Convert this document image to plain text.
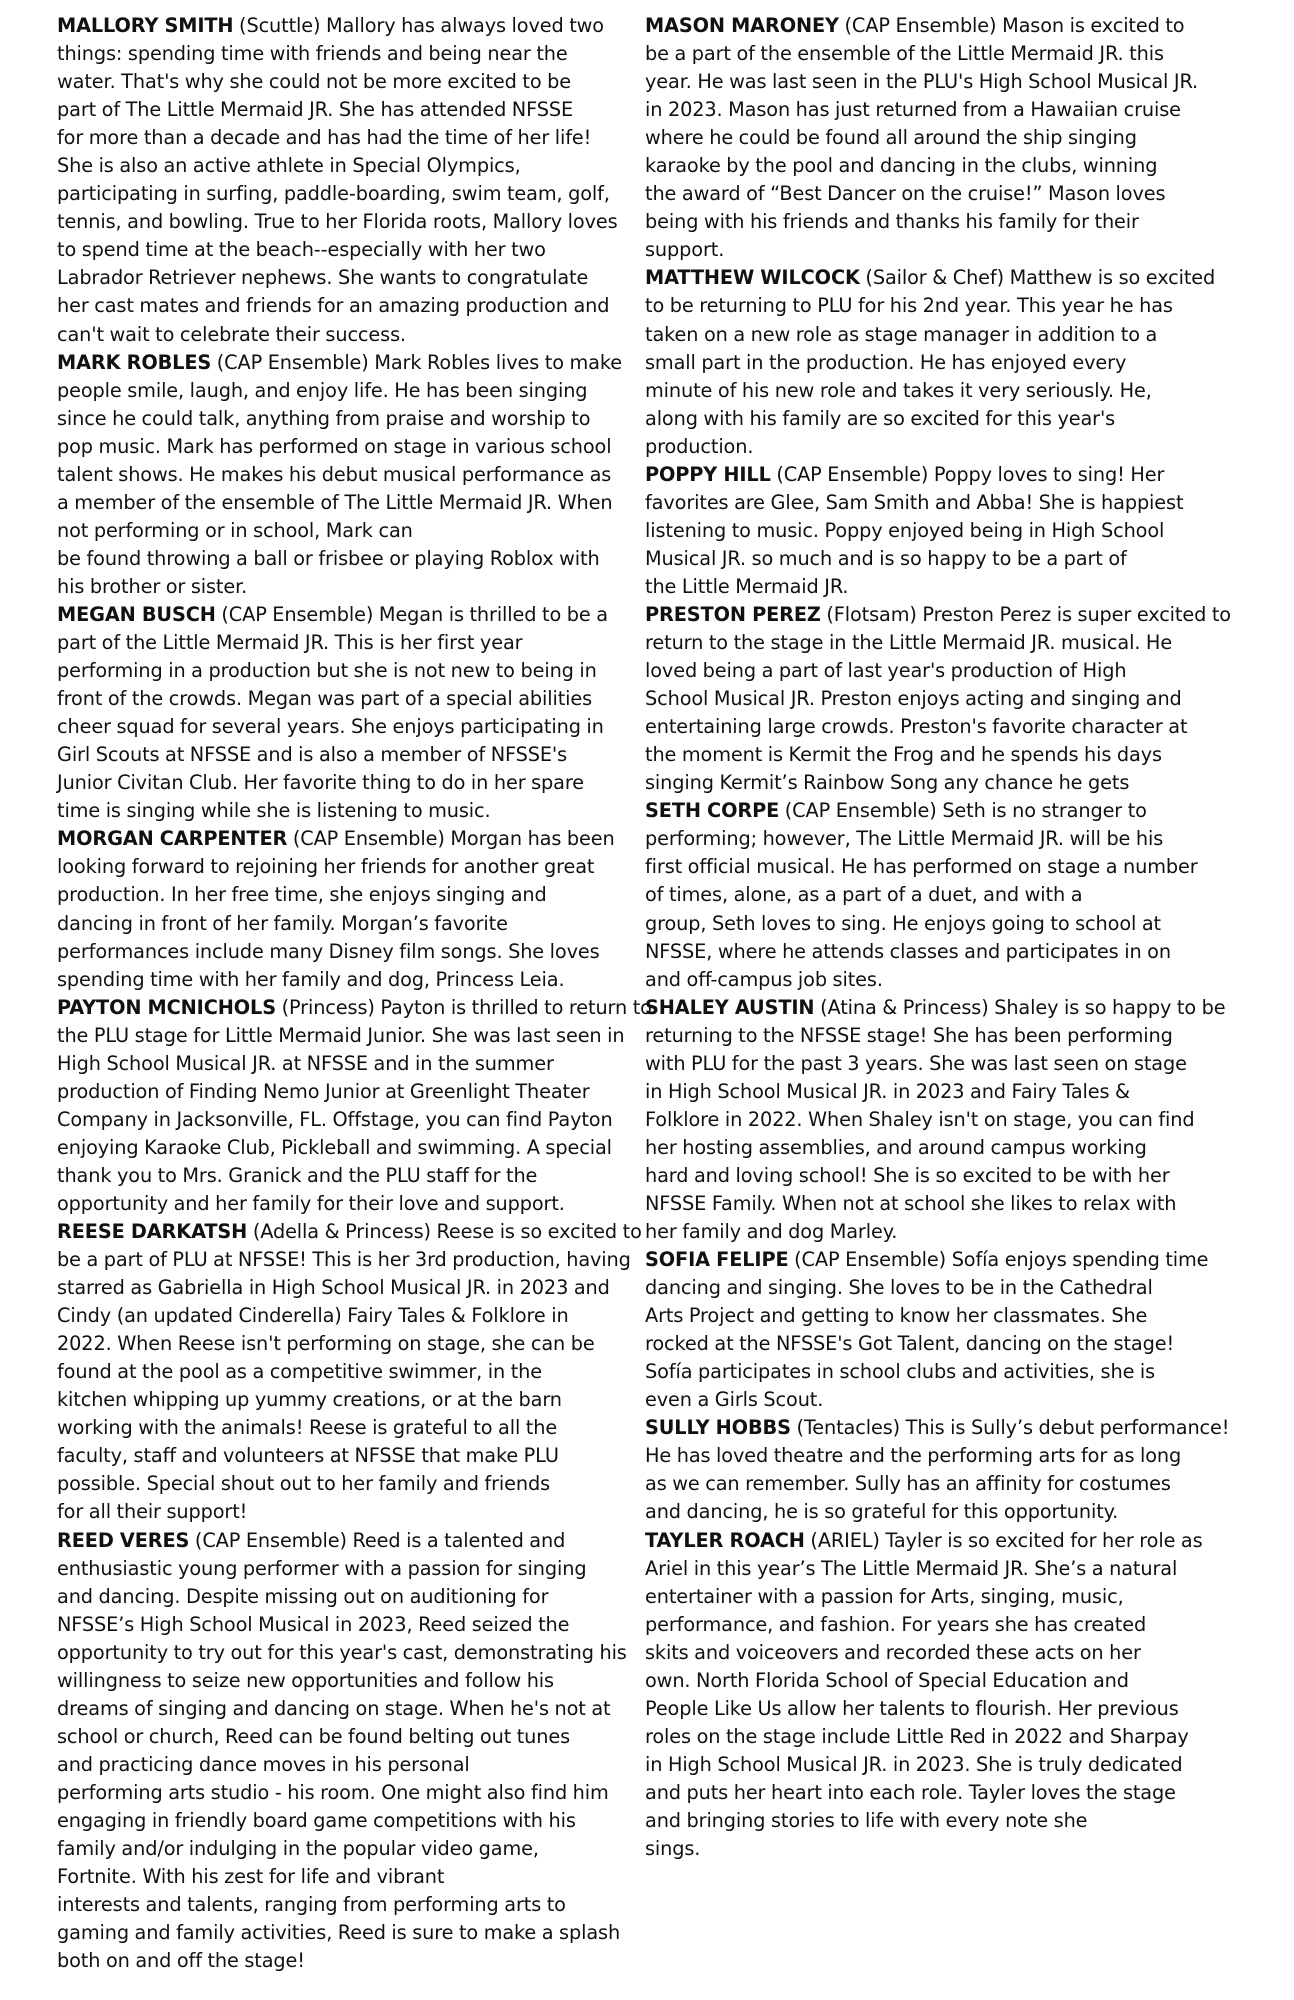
MALLORY SMITH (Scuttle) Mallory has always loved two
things: spending time with friends and being near the
water. That's why she could not be more excited to be
part of The Little Mermaid JR. She has attended NFSSE
for more than a decade and has had the time of her life!
She is also an active athlete in Special Olympics,
participating in surfing, paddle-boarding, swim team, golf,
tennis, and bowling. True to her Florida roots, Mallory loves
to spend time at the beach--especially with her two
Labrador Retriever nephews. She wants to congratulate
her cast mates and friends for an amazing production and
can't wait to celebrate their success.

MARK ROBLES (CAP Ensemble) Mark Robles lives to make
people smile, laugh, and enjoy life. He has been singing
since he could talk, anything from praise and worship to
pop music. Mark has performed on stage in various school
talent shows. He makes his debut musical performance as
a member of the ensemble of The Little Mermaid JR. When
not performing or in school, Mark can
be found throwing a ball or frisbee or playing Roblox with
his brother or sister.

MEGAN BUSCH (CAP Ensemble) Megan is thrilled to be a
part of the Little Mermaid JR. This is her first year
performing in a production but she is not new to being in
front of the crowds. Megan was part of a special abilities
cheer squad for several years. She enjoys participating in
Girl Scouts at NFSSE and is also a member of NFSSE's
Junior Civitan Club. Her favorite thing to do in her spare
time is singing while she is listening to music.

MORGAN CARPENTER (CAP Ensemble) Morgan has been
looking forward to rejoining her friends for another great
production. In her free time, she enjoys singing and
dancing in front of her family. Morgan’s favorite
performances include many Disney film songs. She loves
spending time with her family and dog, Princess Leia.

PAYTON MCNICHOLS (Princess) Payton is thrilled to return to
the PLU stage for Little Mermaid Junior. She was last seen in
High School Musical JR. at NFSSE and in the summer
production of Finding Nemo Junior at Greenlight Theater
Company in Jacksonville, FL. Offstage, you can find Payton
enjoying Karaoke Club, Pickleball and swimming. A special
thank you to Mrs. Granick and the PLU staff for the
opportunity and her family for their love and support.

REESE DARKATSH (Adella & Princess) Reese is so excited to
be a part of PLU at NFSSE! This is her 3rd production, having
starred as Gabriella in High School Musical JR. in 2023 and
Cindy (an updated Cinderella) Fairy Tales & Folklore in
2022. When Reese isn't performing on stage, she can be
found at the pool as a competitive swimmer, in the
kitchen whipping up yummy creations, or at the barn
working with the animals! Reese is grateful to all the
faculty, staff and volunteers at NFSSE that make PLU
possible. Special shout out to her family and friends
for all their support!

REED VERES (CAP Ensemble) Reed is a talented and
enthusiastic young performer with a passion for singing
and dancing. Despite missing out on auditioning for
NFSSE’s High School Musical in 2023, Reed seized the
opportunity to try out for this year's cast, demonstrating his
willingness to seize new opportunities and follow his
dreams of singing and dancing on stage. When he's not at
school or church, Reed can be found belting out tunes
and practicing dance moves in his personal
performing arts studio - his room. One might also find him
engaging in friendly board game competitions with his
family and/or indulging in the popular video game,
Fortnite. With his zest for life and vibrant
interests and talents, ranging from performing arts to
gaming and family activities, Reed is sure to make a splash
both on and off the stage!

MASON MARONEY (CAP Ensemble) Mason is excited to
be a part of the ensemble of the Little Mermaid JR. this
year. He was last seen in the PLU's High School Musical JR.
in 2023. Mason has just returned from a Hawaiian cruise
where he could be found all around the ship singing
karaoke by the pool and dancing in the clubs, winning
the award of “Best Dancer on the cruise!” Mason loves
being with his friends and thanks his family for their
support.

MATTHEW WILCOCK (Sailor & Chef) Matthew is so excited
to be returning to PLU for his 2nd year. This year he has
taken on a new role as stage manager in addition to a
small part in the production. He has enjoyed every
minute of his new role and takes it very seriously. He,
along with his family are so excited for this year's
production.

POPPY HILL (CAP Ensemble) Poppy loves to sing! Her
favorites are Glee, Sam Smith and Abba! She is happiest
listening to music. Poppy enjoyed being in High School
Musical JR. so much and is so happy to be a part of
the Little Mermaid JR.

PRESTON PEREZ (Flotsam) Preston Perez is super excited to
return to the stage in the Little Mermaid JR. musical. He
loved being a part of last year's production of High
School Musical JR. Preston enjoys acting and singing and
entertaining large crowds. Preston's favorite character at
the moment is Kermit the Frog and he spends his days
singing Kermit’s Rainbow Song any chance he gets

SETH CORPE (CAP Ensemble) Seth is no stranger to
performing; however, The Little Mermaid JR. will be his
first official musical. He has performed on stage a number
of times, alone, as a part of a duet, and with a
group, Seth loves to sing. He enjoys going to school at
NFSSE, where he attends classes and participates in on
and off-campus job sites.

SHALEY AUSTIN (Atina & Princess) Shaley is so happy to be
returning to the NFSSE stage! She has been performing
with PLU for the past 3 years. She was last seen on stage
in High School Musical JR. in 2023 and Fairy Tales &
Folklore in 2022. When Shaley isn't on stage, you can find
her hosting assemblies, and around campus working
hard and loving school! She is so excited to be with her
NFSSE Family. When not at school she likes to relax with
her family and dog Marley.

SOFIA FELIPE (CAP Ensemble) Sofía enjoys spending time
dancing and singing. She loves to be in the Cathedral
Arts Project and getting to know her classmates. She
rocked at the NFSSE's Got Talent, dancing on the stage!
Sofía participates in school clubs and activities, she is
even a Girls Scout.

SULLY HOBBS (Tentacles) This is Sully’s debut performance!
He has loved theatre and the performing arts for as long
as we can remember. Sully has an affinity for costumes
and dancing, he is so grateful for this opportunity.

TAYLER ROACH (ARIEL) Tayler is so excited for her role as
Ariel in this year’s The Little Mermaid JR. She’s a natural
entertainer with a passion for Arts, singing, music,
performance, and fashion. For years she has created
skits and voiceovers and recorded these acts on her
own. North Florida School of Special Education and
People Like Us allow her talents to flourish. Her previous
roles on the stage include Little Red in 2022 and Sharpay
in High School Musical JR. in 2023. She is truly dedicated
and puts her heart into each role. Tayler loves the stage
and bringing stories to life with every note she
sings.
